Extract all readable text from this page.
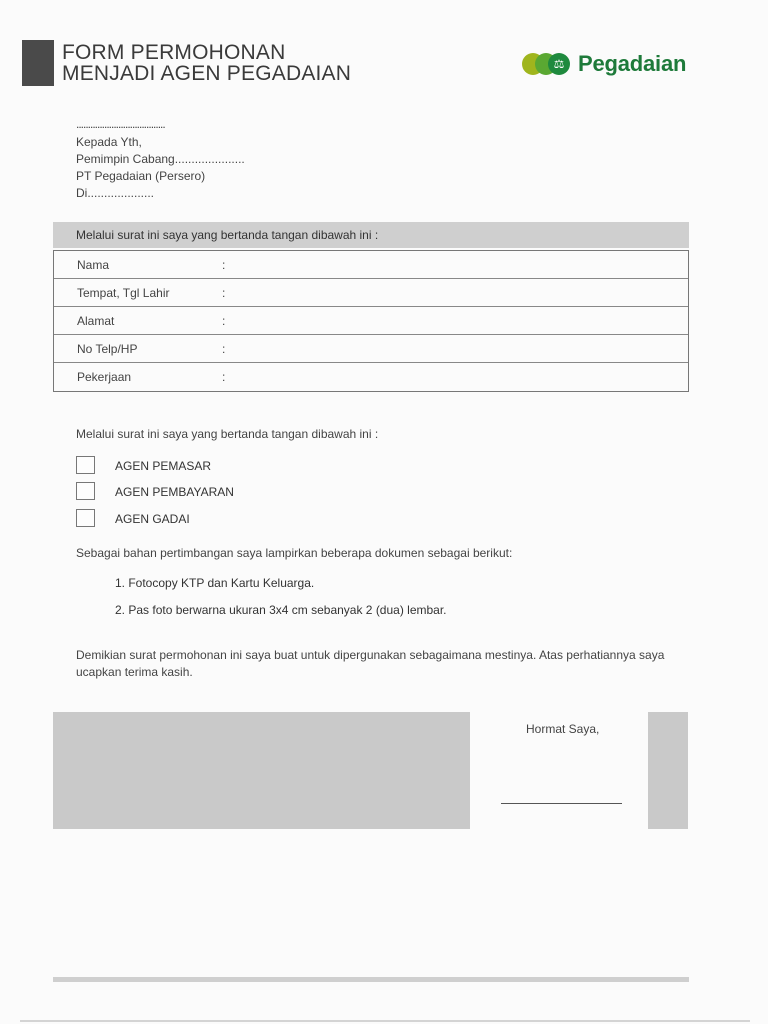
FORM PERMOHONAN
MENJADI AGEN PEGADAIAN	⚖ Pegadaian
......................................
Kepada Yth,
Pemimpin Cabang.....................
PT Pegadaian (Persero)
Di....................
Melalui surat ini saya yang bertanda tangan dibawah ini :
Nama	:
Tempat, Tgl Lahir	:
Alamat	:
No Telp/HP	:
Pekerjaan	:
Melalui surat ini saya yang bertanda tangan dibawah ini :
AGEN PEMASAR
AGEN PEMBAYARAN
AGEN GADAI
Sebagai bahan pertimbangan saya lampirkan beberapa dokumen sebagai berikut:
1. Fotocopy KTP dan Kartu Keluarga.
2. Pas foto berwarna ukuran 3x4 cm sebanyak 2 (dua) lembar.
Demikian surat permohonan ini saya buat untuk dipergunakan sebagaimana mestinya. Atas perhatiannya saya ucapkan terima kasih.
Hormat Saya,
